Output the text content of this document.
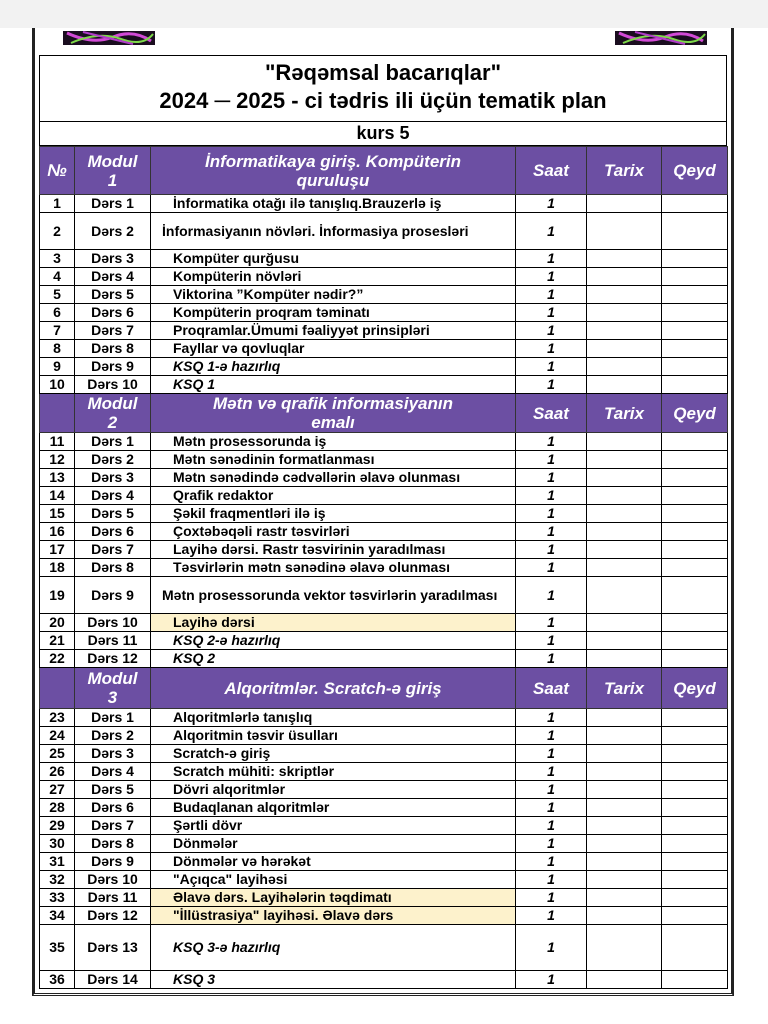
"Rəqəmsal bacarıqlar"
2024 ─ 2025 - ci tədris ili üçün tematik plan
kurs 5
№	Modul 1	İnformatikaya giriş. Kompüterin quruluşu	Saat	Tarix	Qeyd
1	Dərs 1	İnformatika otağı ilə tanışlıq.Brauzerlə iş	1		
2	Dərs 2	İnformasiyanın növləri. İnformasiya prosesləri	1		
3	Dərs 3	Kompüter qurğusu	1		
4	Dərs 4	Kompüterin növləri	1		
5	Dərs 5	Viktorina ”Kompüter nədir?”	1		
6	Dərs 6	Kompüterin proqram təminatı	1		
7	Dərs 7	Proqramlar.Ümumi fəaliyyət prinsipləri	1		
8	Dərs 8	Fayllar və qovluqlar	1		
9	Dərs 9	KSQ 1-ə hazırlıq	1		
10	Dərs 10	KSQ 1	1		
	Modul 2	Mətn və qrafik informasiyanın emalı	Saat	Tarix	Qeyd
11	Dərs 1	Mətn prosessorunda iş	1		
12	Dərs 2	Mətn sənədinin formatlanması	1		
13	Dərs 3	Mətn sənədində cədvəllərin əlavə olunması	1		
14	Dərs 4	Qrafik redaktor	1		
15	Dərs 5	Şəkil fraqmentləri ilə iş	1		
16	Dərs 6	Çoxtəbəqəli rastr təsvirləri	1		
17	Dərs 7	Layihə dərsi. Rastr təsvirinin yaradılması	1		
18	Dərs 8	Təsvirlərin mətn sənədinə əlavə olunması	1		
19	Dərs 9	Mətn prosessorunda vektor təsvirlərin yaradılması	1		
20	Dərs 10	Layihə dərsi	1		
21	Dərs 11	KSQ 2-ə hazırlıq	1		
22	Dərs 12	KSQ 2	1		
	Modul 3	Alqoritmlər. Scratch-ə giriş	Saat	Tarix	Qeyd
23	Dərs 1	Alqoritmlərlə tanışlıq	1		
24	Dərs 2	Alqoritmin təsvir üsulları	1		
25	Dərs 3	Scratch-ə giriş	1		
26	Dərs 4	Scratch mühiti: skriptlər	1		
27	Dərs 5	Dövri alqoritmlər	1		
28	Dərs 6	Budaqlanan alqoritmlər	1		
29	Dərs 7	Şərtli dövr	1		
30	Dərs 8	Dönmələr	1		
31	Dərs 9	Dönmələr və hərəkət	1		
32	Dərs 10	"Açıqca" layihəsi	1		
33	Dərs 11	Əlavə dərs. Layihələrin təqdimatı	1		
34	Dərs 12	"İllüstrasiya" layihəsi. Əlavə dərs	1		
35	Dərs 13	KSQ 3-ə hazırlıq	1		
36	Dərs 14	KSQ 3	1		
